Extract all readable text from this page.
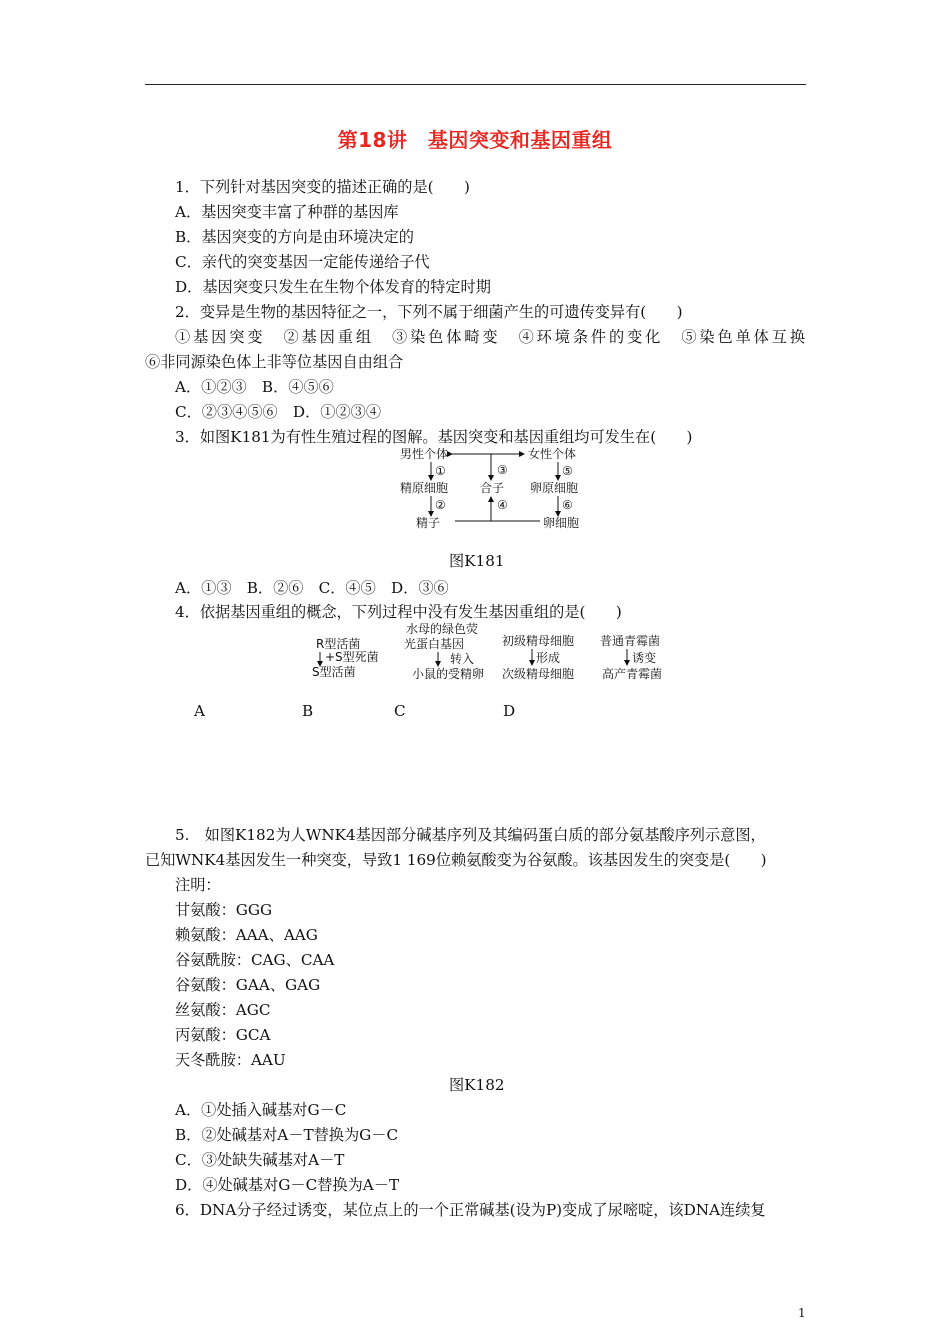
第18讲　基因突变和基因重组
1．下列针对基因突变的描述正确的是(　　)
A．基因突变丰富了种群的基因库
B．基因突变的方向是由环境决定的
C．亲代的突变基因一定能传递给子代
D．基因突变只发生在生物个体发育的特定时期
2．变异是生物的基因特征之一，下列不属于细菌产生的可遗传变异有(　　)
①基因突变　②基因重组　③染色体畸变　④环境条件的变化　⑤染色单体互换
⑥非同源染色体上非等位基因自由组合
A．①②③　B．④⑤⑥
C．②③④⑤⑥　D．①②③④
3．如图K181为有性生殖过程的图解。基因突变和基因重组均可发生在(　　)
男性个体	女性个体
①	③	⑤
精原细胞	合子 卵原细胞
②	④	⑥
精子	卵细胞
图K181
A．①③　B．②⑥　C．④⑤　D．③⑥
4．依据基因重组的概念，下列过程中没有发生基因重组的是(　　)
R型活菌
+S型死菌
S型活菌
水母的绿色荧
光蛋白基因
转入
小鼠的受精卵
初级精母细胞
形成
次级精母细胞
普通青霉菌
诱变
高产青霉菌
A	B	C	D
5.　如图K182为人WNK4基因部分碱基序列及其编码蛋白质的部分氨基酸序列示意图，
已知WNK4基因发生一种突变，导致1 169位赖氨酸变为谷氨酸。该基因发生的突变是(　　)
注明：
甘氨酸：GGG
赖氨酸：AAA、AAG
谷氨酰胺：CAG、CAA
谷氨酸：GAA、GAG
丝氨酸：AGC
丙氨酸：GCA
天冬酰胺：AAU
图K182
A．①处插入碱基对G－C
B．②处碱基对A－T替换为G－C
C．③处缺失碱基对A－T
D．④处碱基对G－C替换为A－T
6．DNA分子经过诱变，某位点上的一个正常碱基(设为P)变成了尿嘧啶，该DNA连续复
1
